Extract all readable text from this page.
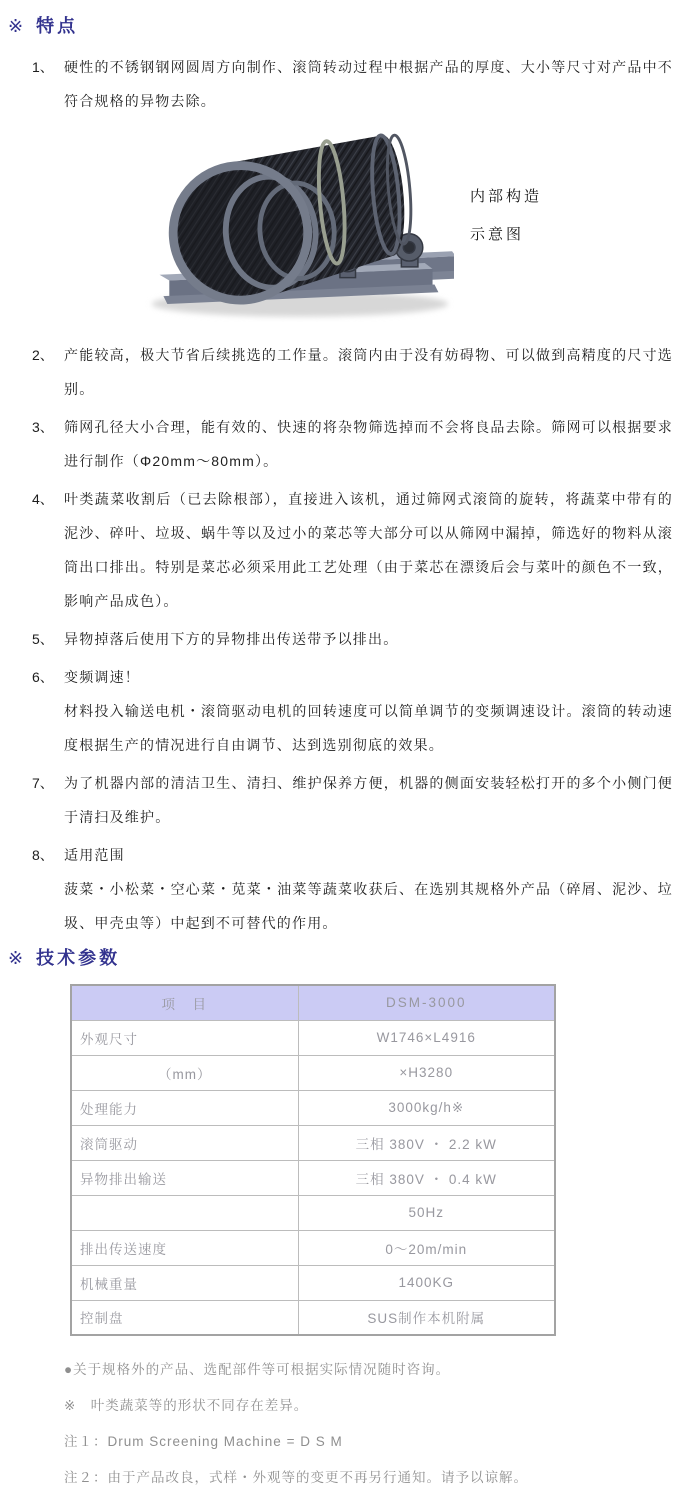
※ 特点
1、 硬性的不锈钢钢网圆周方向制作、滚筒转动过程中根据产品的厚度、大小等尺寸对产品中不符合规格的异物去除。
内部构造
示意图
2、 产能较高，极大节省后续挑选的工作量。滚筒内由于没有妨碍物、可以做到高精度的尺寸选别。
3、 筛网孔径大小合理，能有效的、快速的将杂物筛选掉而不会将良品去除。筛网可以根据要求进行制作（Φ20mm～80mm）。
4、 叶类蔬菜收割后（已去除根部），直接进入该机，通过筛网式滚筒的旋转，将蔬菜中带有的泥沙、碎叶、垃圾、蜗牛等以及过小的菜芯等大部分可以从筛网中漏掉，筛选好的物料从滚筒出口排出。特别是菜芯必须采用此工艺处理（由于菜芯在漂烫后会与菜叶的颜色不一致，影响产品成色）。
5、 异物掉落后使用下方的异物排出传送带予以排出。
6、 变频调速！
材料投入输送电机・滚筒驱动电机的回转速度可以简单调节的变频调速设计。滚筒的转动速度根据生产的情况进行自由调节、达到选别彻底的效果。
7、 为了机器内部的清洁卫生、清扫、维护保养方便，机器的侧面安装轻松打开的多个小侧门便于清扫及维护。
8、 适用范围
菠菜・小松菜・空心菜・苋菜・油菜等蔬菜收获后、在选别其规格外产品（碎屑、泥沙、垃圾、甲壳虫等）中起到不可替代的作用。
※ 技术参数
项　目	DSM-3000
外观尺寸	W1746×L4916
（mm）	×H3280
处理能力	3000kg/h※
滚筒驱动	三相 380V ・ 2.2 kW
异物排出输送	三相 380V ・ 0.4 kW
	50Hz
排出传送速度	0～20m/min
机械重量	1400KG
控制盘	SUS制作本机附属
●关于规格外的产品、选配部件等可根据实际情况随时咨询。
※　叶类蔬菜等的形状不同存在差异。
注１：Drum Screening Machine = D S M
注２：由于产品改良，式样・外观等的变更不再另行通知。请予以谅解。
